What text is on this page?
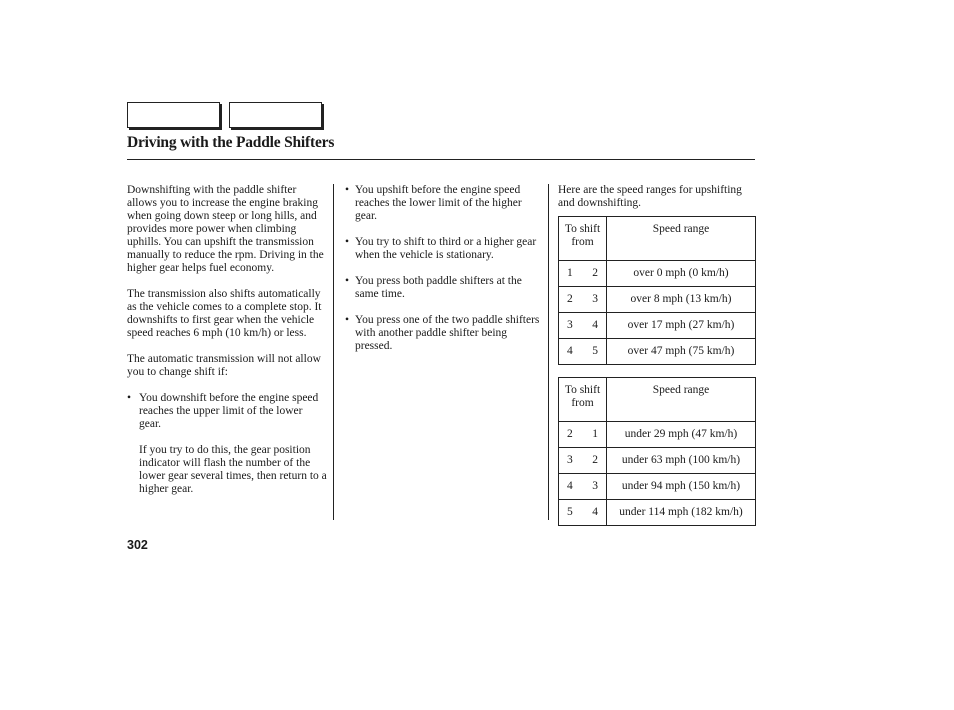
Driving with the Paddle Shifters

Downshifting with the paddle shifter allows you to increase the engine braking when going down steep or long hills, and provides more power when climbing uphills. You can upshift the transmission manually to reduce the rpm. Driving in the higher gear helps fuel economy.

The transmission also shifts automatically as the vehicle comes to a complete stop. It downshifts to first gear when the vehicle speed reaches 6 mph (10 km/h) or less.

The automatic transmission will not allow you to change shift if:

• You downshift before the engine speed reaches the upper limit of the lower gear.
If you try to do this, the gear position indicator will flash the number of the lower gear several times, then return to a higher gear.
• You upshift before the engine speed reaches the lower limit of the higher gear.
• You try to shift to third or a higher gear when the vehicle is stationary.
• You press both paddle shifters at the same time.
• You press one of the two paddle shifters with another paddle shifter being pressed.

Here are the speed ranges for upshifting and downshifting.

To shift from	Speed range

1 2	over 0 mph (0 km/h)

2 3	over 8 mph (13 km/h)

3 4	over 17 mph (27 km/h)

4 5	over 47 mph (75 km/h)
To shift from	Speed range

2 1	under 29 mph (47 km/h)

3 2	under 63 mph (100 km/h)

4 3	under 94 mph (150 km/h)

5 4	under 114 mph (182 km/h)
302
